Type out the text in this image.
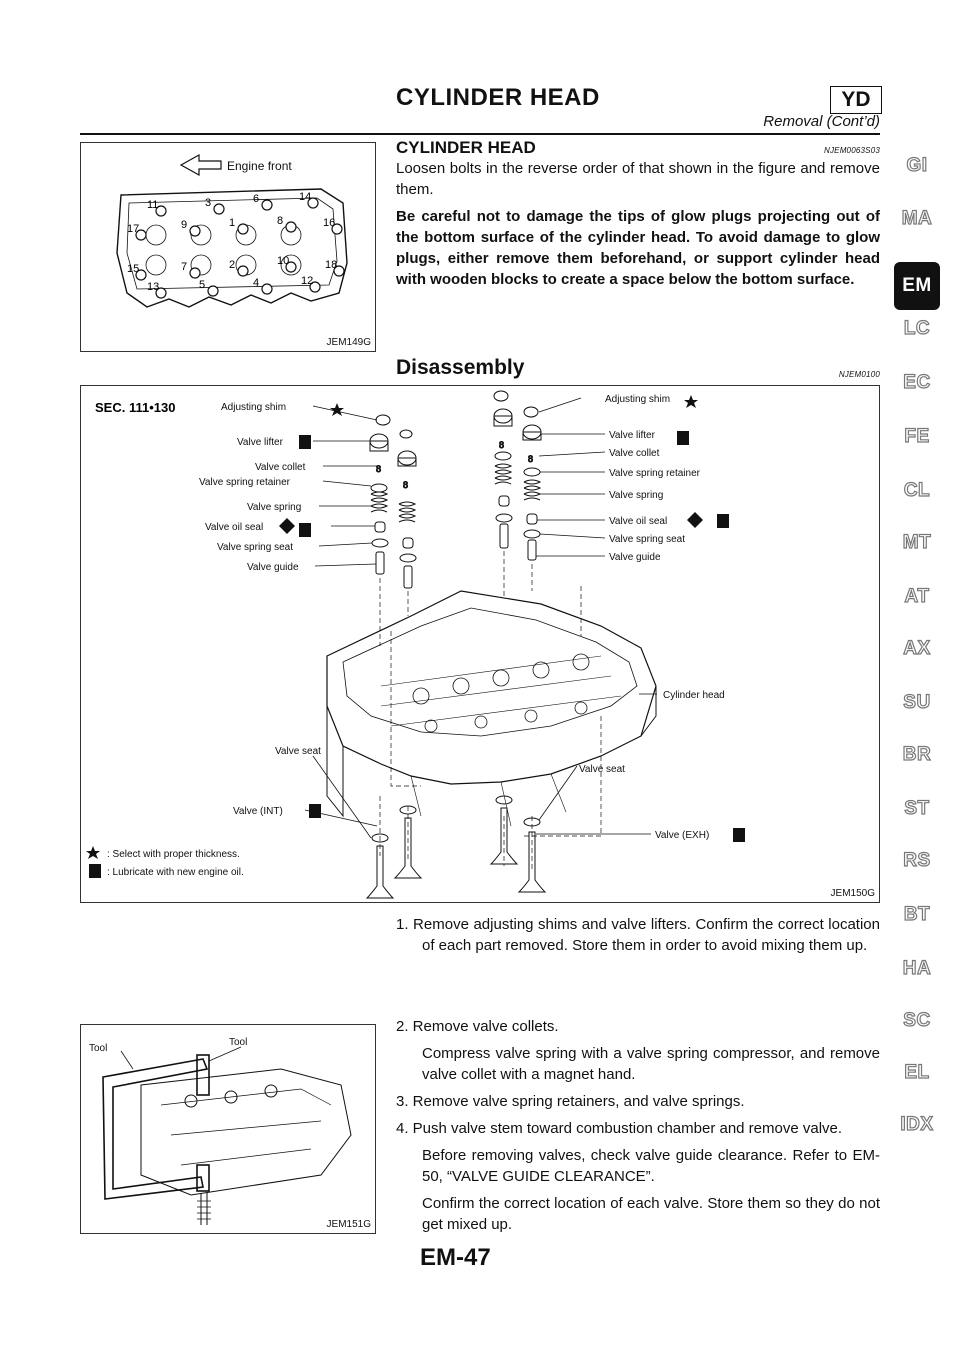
CYLINDER HEAD	YD
Removal (Cont’d)
Engine front
11	3	6	14
17	9	1	8	16
15	7	2	10	18
13	5	4	12
JEM149G
CYLINDER HEAD	NJEM0063S03

Loosen bolts in the reverse order of that shown in the figure and remove them.

Be careful not to damage the tips of glow plugs projecting out of the bottom surface of the cylinder head. To avoid damage to glow plugs, either remove them beforehand, or support cylinder head with wooden blocks to create a space below the bottom surface.

Disassembly	NJEM0100
SEC. 111•130
8
8
8
8
Adjusting shim
Valve lifter
Valve collet
Valve spring retainer
Valve spring
Valve oil seal
Valve spring seat
Valve guide
Valve seat
Valve (INT)
Adjusting shim
Valve lifter
Valve collet
Valve spring retainer
Valve spring
Valve oil seal
Valve spring seat
Valve guide
Cylinder head
Valve seat
Valve (EXH)
: Select with proper thickness.
: Lubricate with new engine oil.
JEM150G

1. Remove adjusting shims and valve lifters. Confirm the correct location of each part removed. Store them in order to avoid mixing them up.

Tool
Tool
JEM151G

2. Remove valve collets.

Compress valve spring with a valve spring compressor, and remove valve collet with a magnet hand.

3. Remove valve spring retainers, and valve springs.

4. Push valve stem toward combustion chamber and remove valve.

Before removing valves, check valve guide clearance. Refer to EM-50, “VALVE GUIDE CLEARANCE”.

Confirm the correct location of each valve. Store them so they do not get mixed up.

GI
MA
EM
LC
EC
FE
CL
MT
AT
AX
SU
BR
ST
RS
BT
HA
SC
EL
IDX
EM-47
